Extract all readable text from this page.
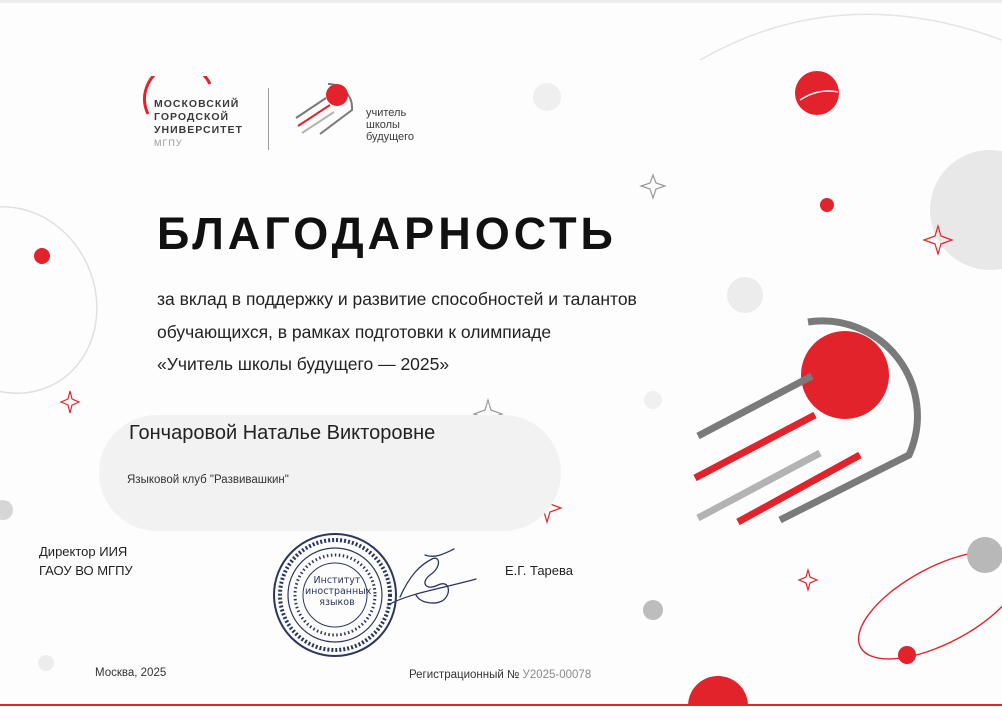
МОСКОВСКИЙ
ГОРОДСКОЙ
УНИВЕРСИТЕТ
МГПУ
учитель
школы
будущего
БЛАГОДАРНОСТЬ
за вклад в поддержку и развитие способностей и талантов
обучающихся, в рамках подготовки к олимпиаде
«Учитель школы будущего — 2025»
Гончаровой Наталье Викторовне
Языковой клуб "Развивашкин"
Директор ИИЯ
ГАОУ ВО МГПУ
Институт
иностранных
языков
Е.Г. Тарева
Москва, 2025	Регистрационный № У2025-00078
